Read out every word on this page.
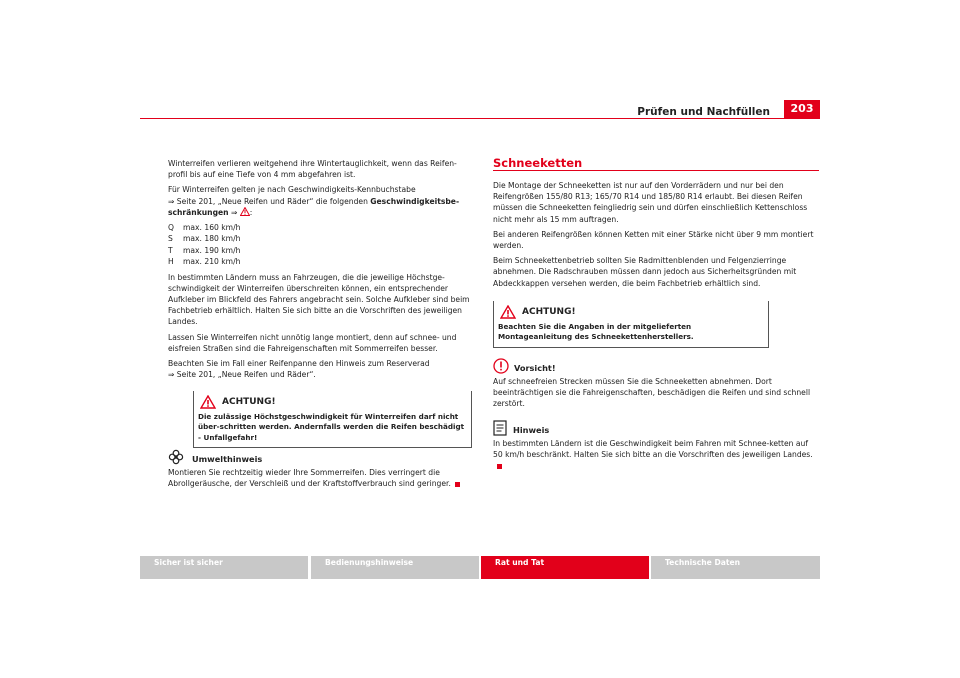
Prüfen und Nachfüllen	203

Winterreifen verlieren weitgehend ihre Wintertauglichkeit, wenn das Reifen-profil bis auf eine Tiefe von 4 mm abgefahren ist.

Für Winterreifen gelten je nach Geschwindigkeits-Kennbuchstabe
⇒ Seite 201, „Neue Reifen und Räder“ die folgenden Geschwindigkeitsbe-schränkungen ⇒ :

Q	max. 160 km/h
S	max. 180 km/h
T	max. 190 km/h
H	max. 210 km/h

In bestimmten Ländern muss an Fahrzeugen, die die jeweilige Höchstge-schwindigkeit der Winterreifen überschreiten können, ein entsprechender Aufkleber im Blickfeld des Fahrers angebracht sein. Solche Aufkleber sind beim Fachbetrieb erhältlich. Halten Sie sich bitte an die Vorschriften des jeweiligen Landes.

Lassen Sie Winterreifen nicht unnötig lange montiert, denn auf schnee- und eisfreien Straßen sind die Fahreigenschaften mit Sommerreifen besser.

Beachten Sie im Fall einer Reifenpanne den Hinweis zum Reserverad
⇒ Seite 201, „Neue Reifen und Räder“.

ACHTUNG!
Die zulässige Höchstgeschwindigkeit für Winterreifen darf nicht über-schritten werden. Andernfalls werden die Reifen beschädigt - Unfallgefahr!
Umwelthinweis

Montieren Sie rechtzeitig wieder Ihre Sommerreifen. Dies verringert die Abrollgeräusche, der Verschleiß und der Kraftstoffverbrauch sind geringer.

Schneeketten

Die Montage der Schneeketten ist nur auf den Vorderrädern und nur bei den Reifengrößen 155/80 R13; 165/70 R14 und 185/80 R14 erlaubt. Bei diesen Reifen müssen die Schneeketten feingliedrig sein und dürfen einschließlich Kettenschloss nicht mehr als 15 mm auftragen.

Bei anderen Reifengrößen können Ketten mit einer Stärke nicht über 9 mm montiert werden.

Beim Schneekettenbetrieb sollten Sie Radmittenblenden und Felgenzierringe abnehmen. Die Radschrauben müssen dann jedoch aus Sicherheitsgründen mit Abdeckkappen versehen werden, die beim Fachbetrieb erhältlich sind.

ACHTUNG!
Beachten Sie die Angaben in der mitgelieferten Montageanleitung des Schneekettenherstellers.
Vorsicht!

Auf schneefreien Strecken müssen Sie die Schneeketten abnehmen. Dort beeinträchtigen sie die Fahreigenschaften, beschädigen die Reifen und sind schnell zerstört.

Hinweis

In bestimmten Ländern ist die Geschwindigkeit beim Fahren mit Schnee-ketten auf 50 km/h beschränkt. Halten Sie sich bitte an die Vorschriften des jeweiligen Landes.

Sicher ist sicher	Bedienungshinweise	Rat und Tat	Technische Daten
